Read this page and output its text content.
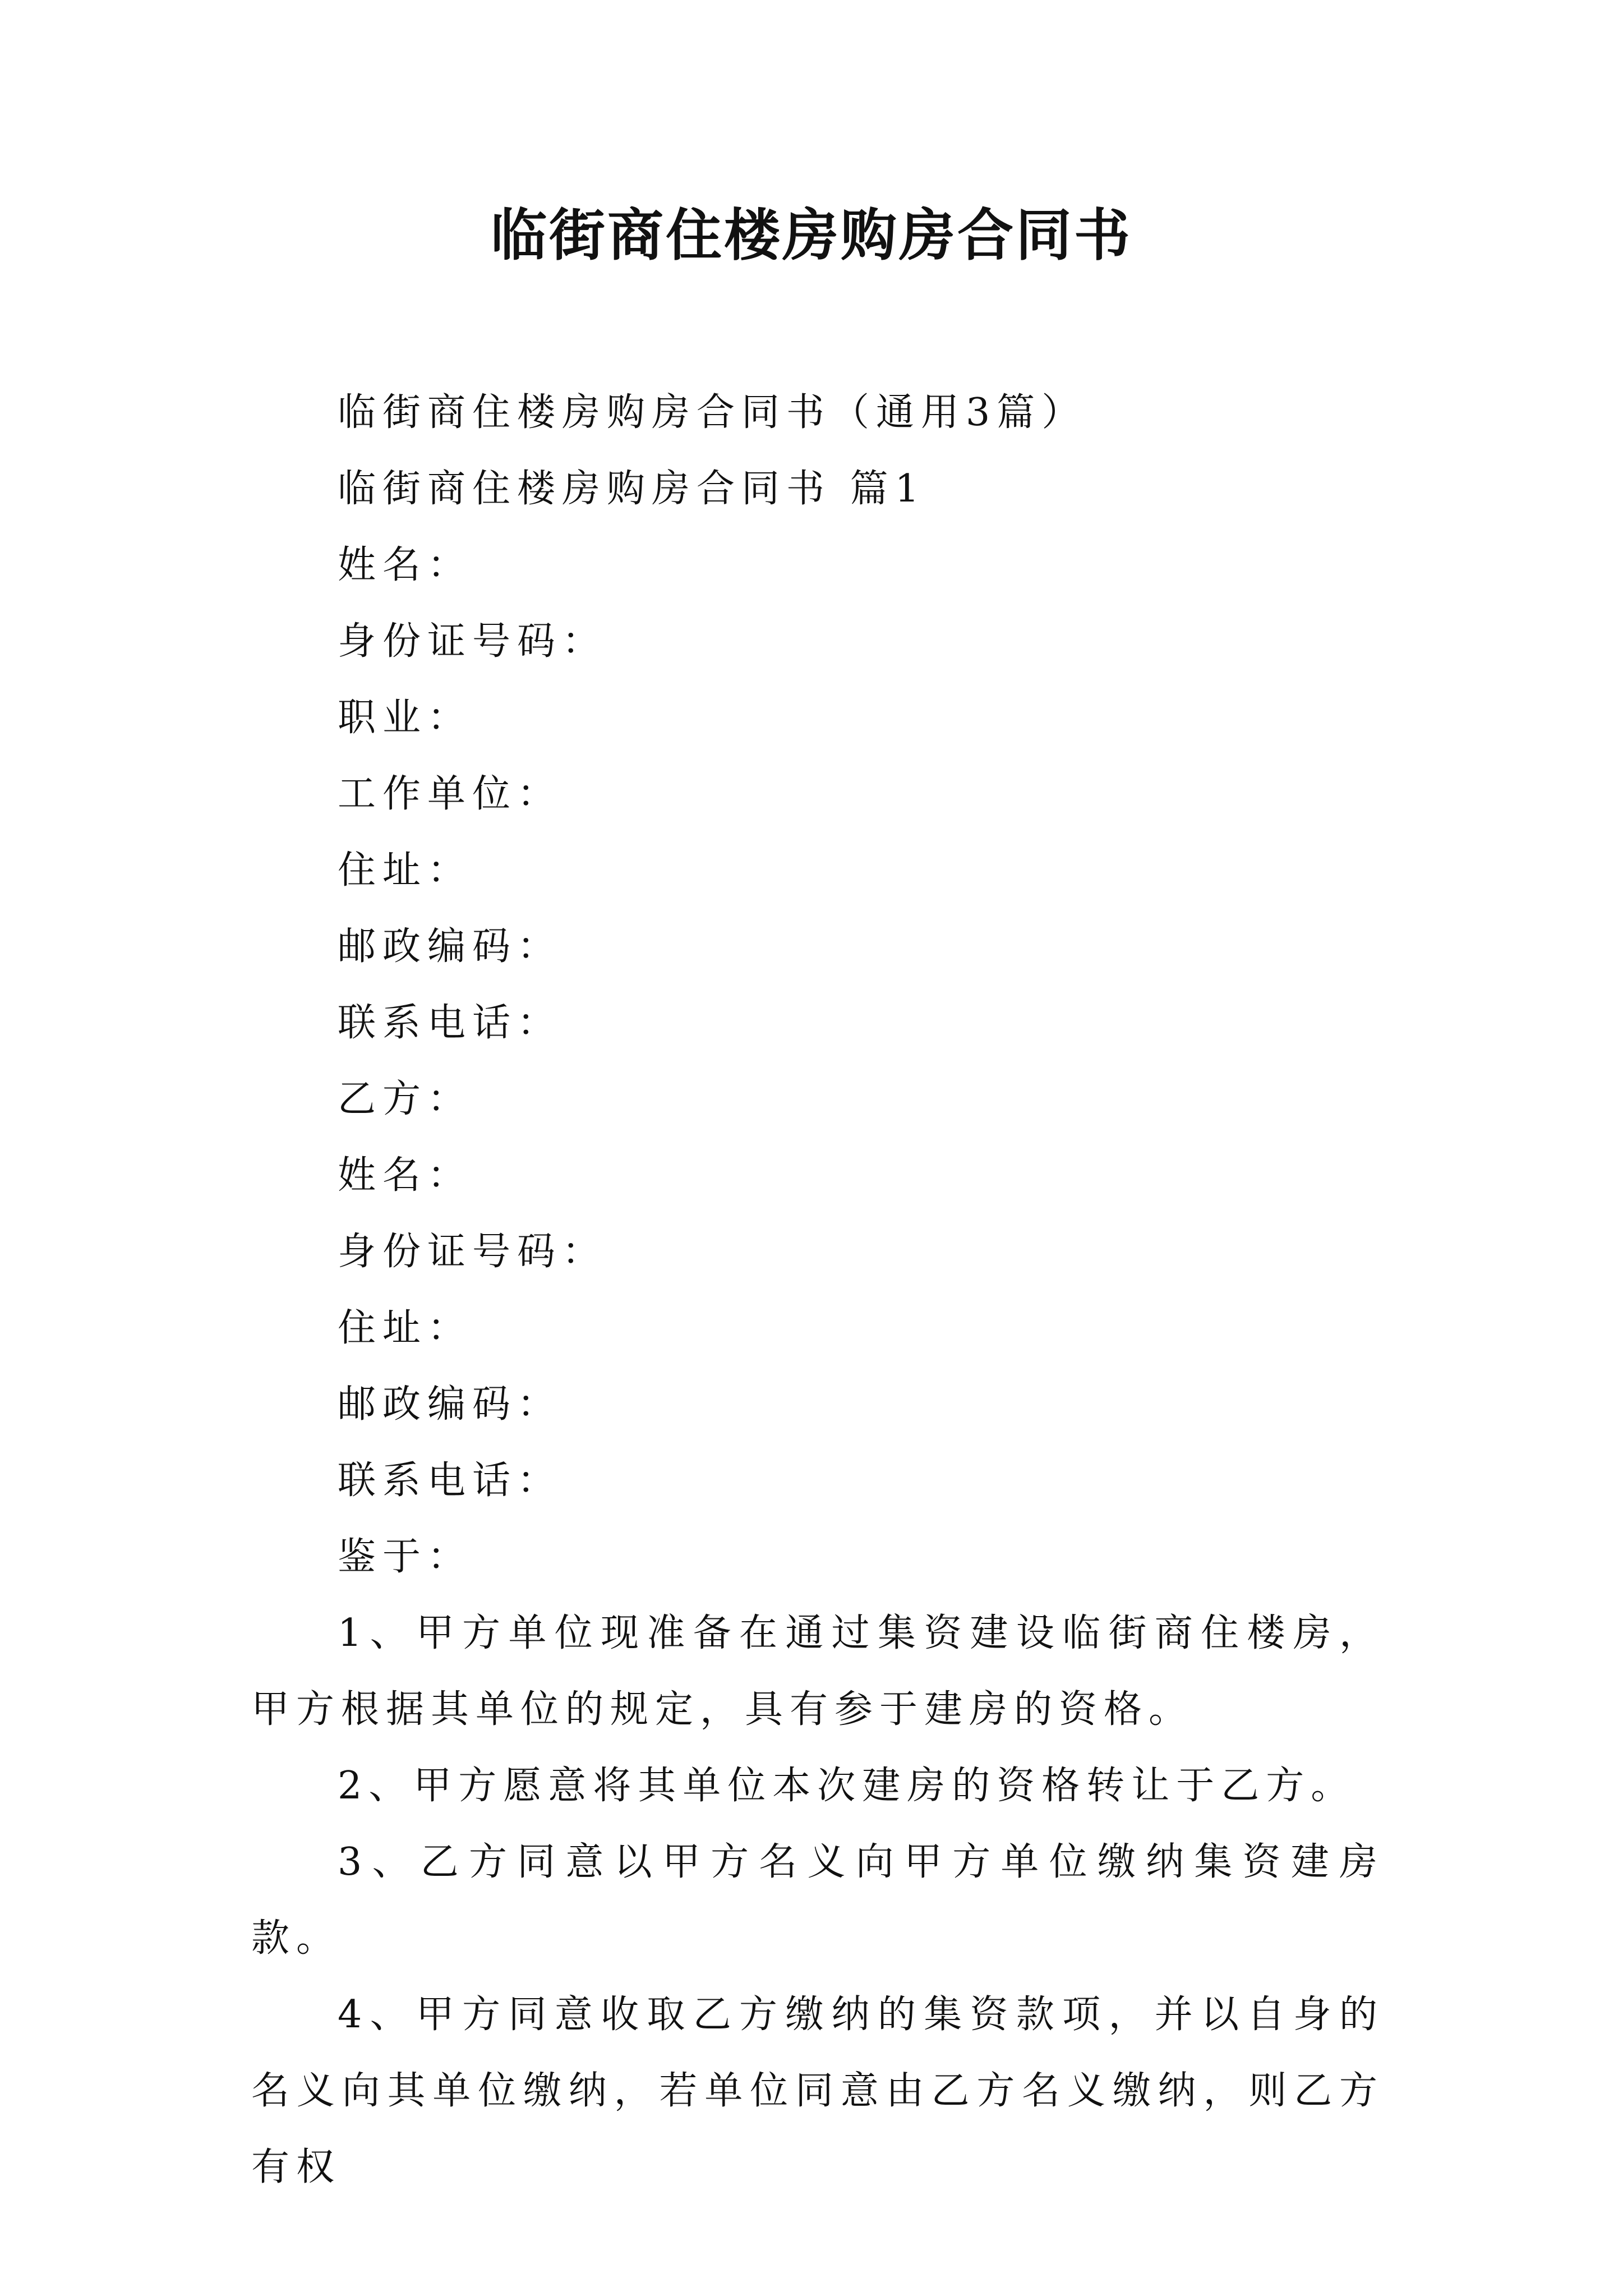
临街商住楼房购房合同书

临街商住楼房购房合同书（通用3篇）

临街商住楼房购房合同书 篇1

姓名：

身份证号码：

职业：

工作单位：

住址：

邮政编码：

联系电话：

乙方：

姓名：

身份证号码：

住址：

邮政编码：

联系电话：

鉴于：

1、甲方单位现准备在通过集资建设临街商住楼房，甲方根据其单位的规定，具有参于建房的资格。

2、甲方愿意将其单位本次建房的资格转让于乙方。

3、乙方同意以甲方名义向甲方单位缴纳集资建房款。

4、甲方同意收取乙方缴纳的集资款项，并以自身的名义向其单位缴纳，若单位同意由乙方名义缴纳，则乙方有权
